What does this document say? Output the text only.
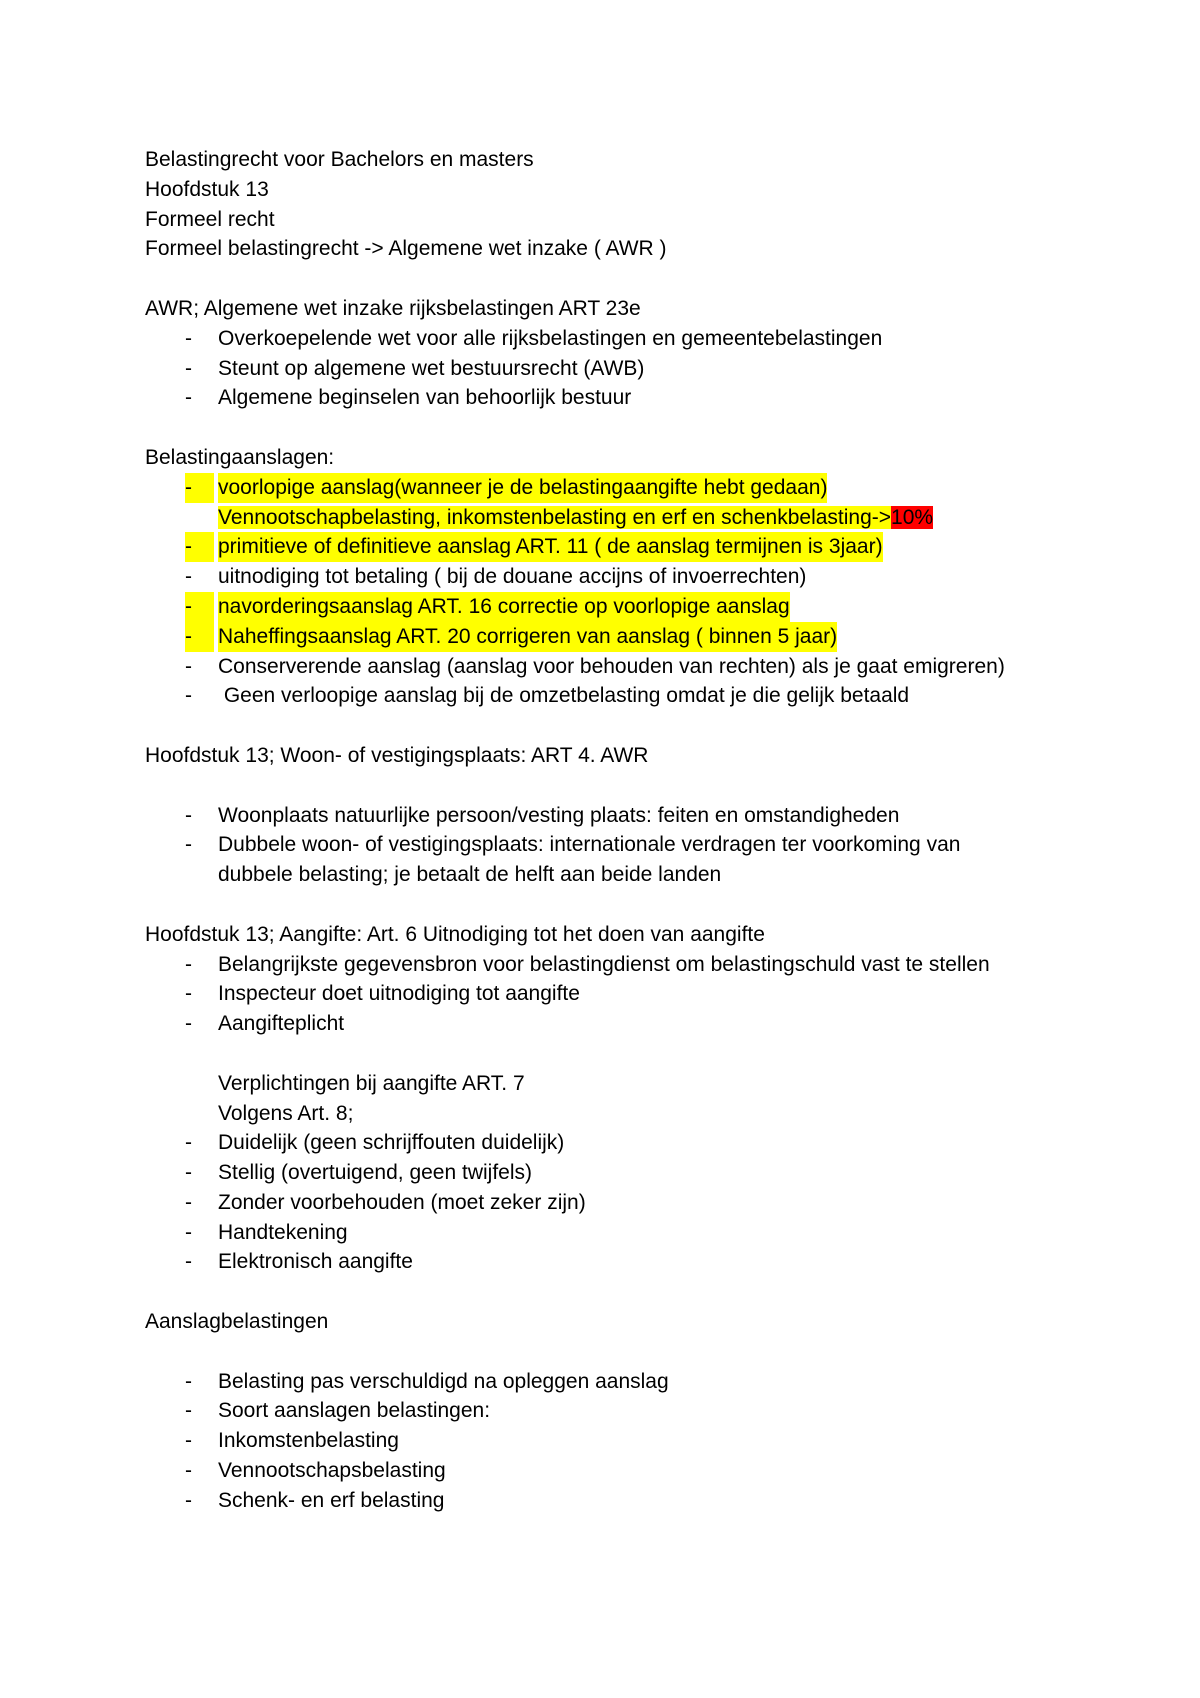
Belastingrecht voor Bachelors en masters
Hoofdstuk 13
Formeel recht
Formeel belastingrecht -> Algemene wet inzake ( AWR )
AWR; Algemene wet inzake rijksbelastingen ART 23e
- Overkoepelende wet voor alle rijksbelastingen en gemeentebelastingen
- Steunt op algemene wet bestuursrecht (AWB)
- Algemene beginselen van behoorlijk bestuur
Belastingaanslagen:
-	voorlopige aanslag(wanneer je de belastingaangifte hebt gedaan)
Vennootschapbelasting, inkomstenbelasting en erf en schenkbelasting->10%
-	primitieve of definitieve aanslag ART. 11 ( de aanslag termijnen is 3jaar)
- uitnodiging tot betaling ( bij de douane accijns of invoerrechten)
-	navorderingsaanslag ART. 16 correctie op voorlopige aanslag
-	Naheffingsaanslag ART. 20 corrigeren van aanslag ( binnen 5 jaar)
- Conserverende aanslag (aanslag voor behouden van rechten) als je gaat emigreren)
- Geen verloopige aanslag bij de omzetbelasting omdat je die gelijk betaald
Hoofdstuk 13; Woon- of vestigingsplaats: ART 4. AWR
- Woonplaats natuurlijke persoon/vesting plaats: feiten en omstandigheden
- Dubbele woon- of vestigingsplaats: internationale verdragen ter voorkoming van
dubbele belasting; je betaalt de helft aan beide landen
Hoofdstuk 13; Aangifte: Art. 6 Uitnodiging tot het doen van aangifte
- Belangrijkste gegevensbron voor belastingdienst om belastingschuld vast te stellen
- Inspecteur doet uitnodiging tot aangifte
- Aangifteplicht
Verplichtingen bij aangifte ART. 7
Volgens Art. 8;
- Duidelijk (geen schrijffouten duidelijk)
- Stellig (overtuigend, geen twijfels)
- Zonder voorbehouden (moet zeker zijn)
- Handtekening
- Elektronisch aangifte
Aanslagbelastingen
- Belasting pas verschuldigd na opleggen aanslag
- Soort aanslagen belastingen:
- Inkomstenbelasting
- Vennootschapsbelasting
- Schenk- en erf belasting
